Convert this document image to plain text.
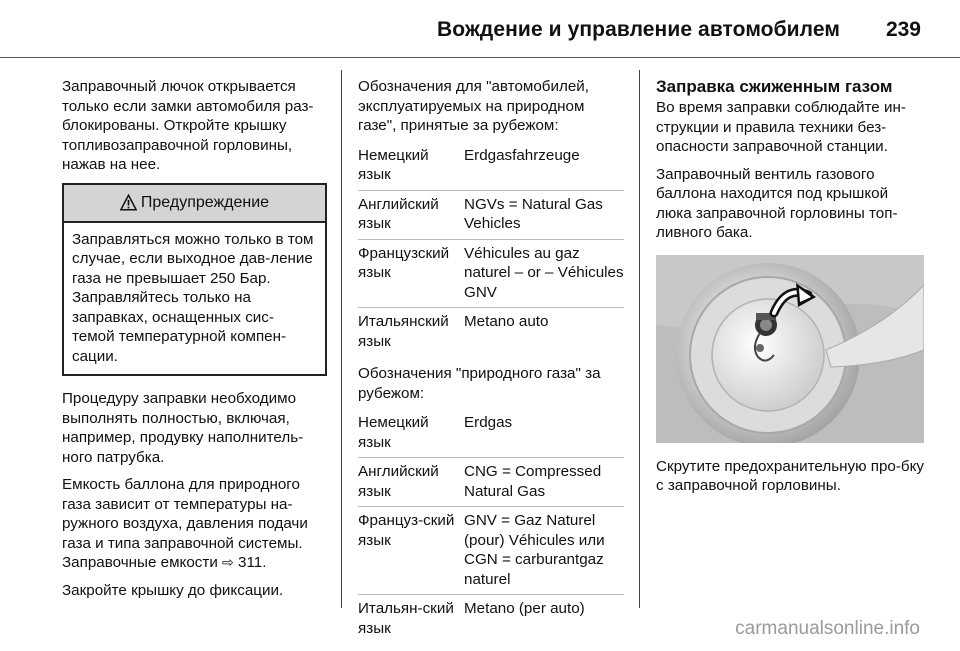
Вождение и управление автомобилем 239

Заправочный лючок открывается только если замки автомобиля раз-блокированы. Откройте крышку топливозаправочной горловины, нажав на нее.

Предупреждение
Заправляться можно только в том случае, если выходное дав-ление газа не превышает 250 Бар. Заправляйтесь только на заправках, оснащенных сис-темой температурной компен-сации.

Процедуру заправки необходимо выполнять полностью, включая, например, продувку наполнитель-ного патрубка.

Емкость баллона для природного газа зависит от температуры на-ружного воздуха, давления подачи газа и типа заправочной системы. Заправочные емкости ⇨ 311.

Закройте крышку до фиксации.

Обозначения для "автомобилей, эксплуатируемых на природном газе", принятые за рубежом:

Немецкий язык
Erdgasfahrzeuge
Английский язык
NGVs = Natural Gas Vehicles
Французский язык
Véhicules au gaz naturel – or – Véhicules GNV
Итальянский язык
Metano auto

Обозначения "природного газа" за рубежом:

Немецкий язык
Erdgas
Английский язык
CNG = Compressed Natural Gas
Француз-ский язык
GNV = Gaz Naturel (pour) Véhicules или CGN = carburantgaz naturel
Итальян-ский язык
Metano (per auto)
Заправка сжиженным газом

Во время заправки соблюдайте ин-струкции и правила техники без-опасности заправочной станции.

Заправочный вентиль газового баллона находится под крышкой люка заправочной горловины топ-ливного бака.

Скрутите предохранительную про-бку с заправочной горловины.

carmanualsonline.info
